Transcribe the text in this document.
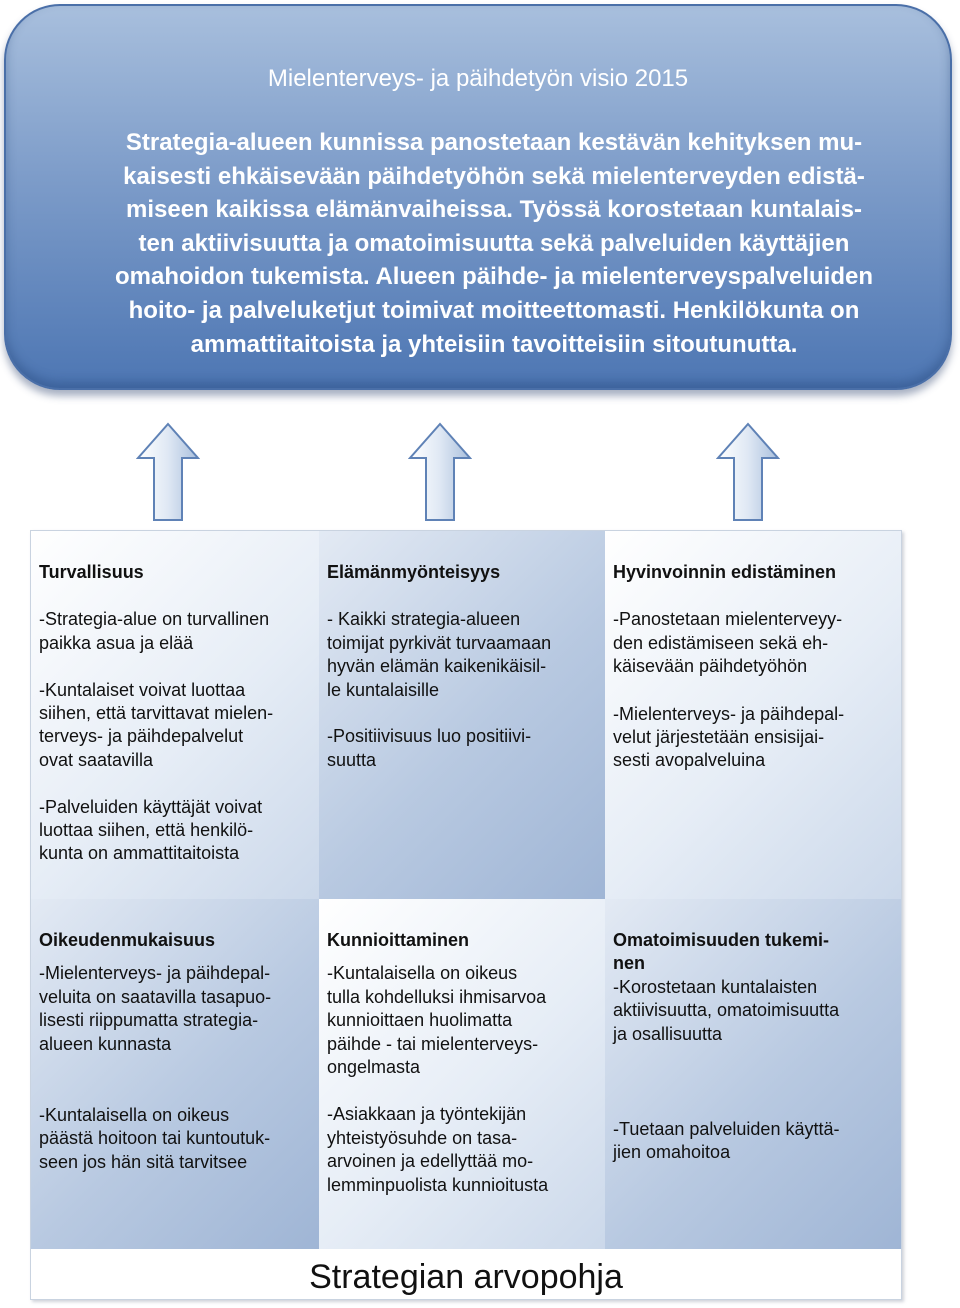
Mielenterveys- ja päihdetyön visio 2015
Strategia-alueen kunnissa panostetaan kestävän kehityksen mu-
kaisesti ehkäisevään päihdetyöhön sekä mielenterveyden edistä-
miseen kaikissa elämänvaiheissa. Työssä korostetaan kuntalais-
ten aktiivisuutta ja omatoimisuutta sekä palveluiden käyttäjien
omahoidon tukemista. Alueen päihde- ja mielenterveyspalveluiden
hoito- ja palveluketjut toimivat moitteettomasti. Henkilökunta on
ammattitaitoista ja yhteisiin tavoitteisiin sitoutunutta.
Turvallisuus

-Strategia-alue on turvallinen
paikka asua ja elää

-Kuntalaiset voivat luottaa
siihen, että tarvittavat mielen-
terveys- ja päihdepalvelut
ovat saatavilla

-Palveluiden käyttäjät voivat
luottaa siihen, että henkilö-
kunta on ammattitaitoista

Elämänmyönteisyys

- Kaikki strategia-alueen
toimijat pyrkivät turvaamaan
hyvän elämän kaikenikäisil-
le kuntalaisille

-Positiivisuus luo positiivi-
suutta

Hyvinvoinnin edistäminen

-Panostetaan mielenterveyy-
den edistämiseen sekä eh-
käisevään päihdetyöhön

-Mielenterveys- ja päihdepal-
velut järjestetään ensisijai-
sesti avopalveluina

Oikeudenmukaisuus

-Mielenterveys- ja päihdepal-
veluita on saatavilla tasapuo-
lisesti riippumatta strategia-
alueen kunnasta

-Kuntalaisella on oikeus
päästä hoitoon tai kuntoutuk-
seen jos hän sitä tarvitsee

Kunnioittaminen

-Kuntalaisella on oikeus
tulla kohdelluksi ihmisarvoa
kunnioittaen huolimatta
päihde - tai mielenterveys-
ongelmasta

-Asiakkaan ja työntekijän
yhteistyösuhde on tasa-
arvoinen ja edellyttää mo-
lemminpuolista kunnioitusta

Omatoimisuuden tukemi-
nen

-Korostetaan kuntalaisten
aktiivisuutta, omatoimisuutta
ja osallisuutta

-Tuetaan palveluiden käyttä-
jien omahoitoa

Strategian arvopohja
